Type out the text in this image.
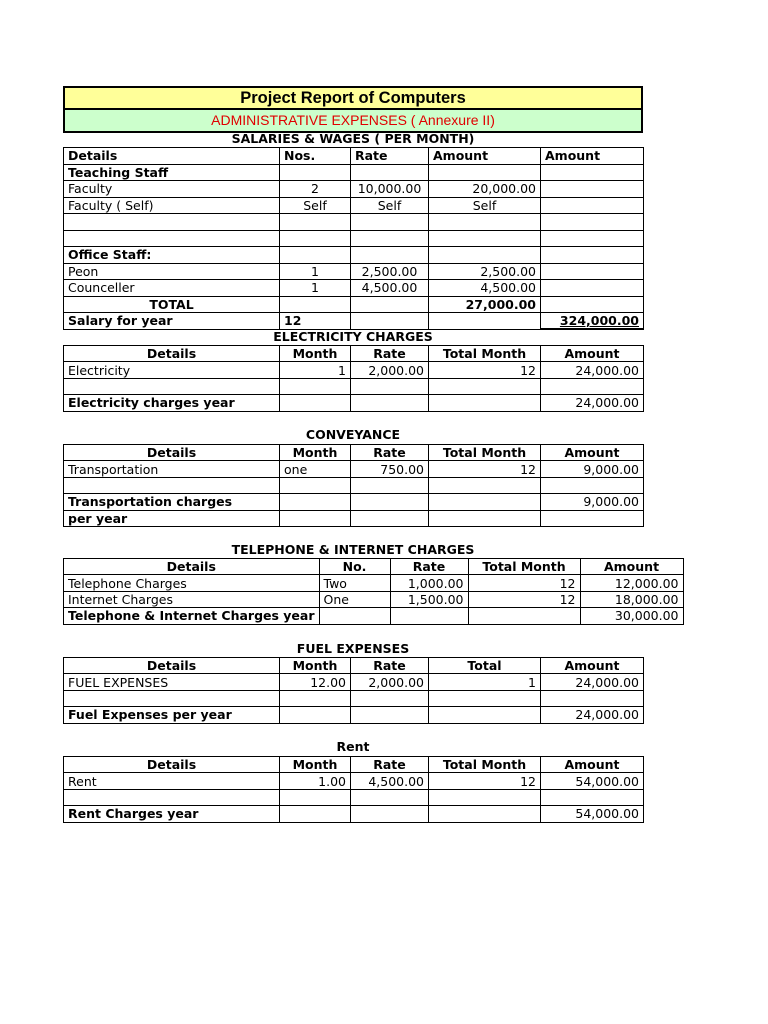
Project Report of Computers
ADMINISTRATIVE EXPENSES ( Annexure II)
SALARIES & WAGES ( PER MONTH)
Details	Nos.	Rate	Amount	Amount
Teaching Staff				
Faculty	2	10,000.00	20,000.00	
Faculty ( Self)	Self	Self	Self	

Office Staff:				
Peon	1	2,500.00	2,500.00	
Counceller	1	4,500.00	4,500.00	
TOTAL			27,000.00	
Salary for year	12			324,000.00
ELECTRICITY CHARGES
Details	Month	Rate	Total Month	Amount
Electricity	1	2,000.00	12	24,000.00

Electricity charges year				24,000.00
CONVEYANCE
Details	Month	Rate	Total Month	Amount
Transportation	one	750.00	12	9,000.00

Transportation charges				9,000.00
per year				
TELEPHONE & INTERNET CHARGES
Details	No.	Rate	Total Month	Amount
Telephone Charges	Two	1,000.00	12	12,000.00
Internet Charges	One	1,500.00	12	18,000.00
Telephone & Internet Charges year				30,000.00
FUEL EXPENSES
Details	Month	Rate	Total	Amount
FUEL EXPENSES	12.00	2,000.00	1	24,000.00

Fuel Expenses per year				24,000.00
Rent
Details	Month	Rate	Total Month	Amount
Rent	1.00	4,500.00	12	54,000.00

Rent Charges year				54,000.00
